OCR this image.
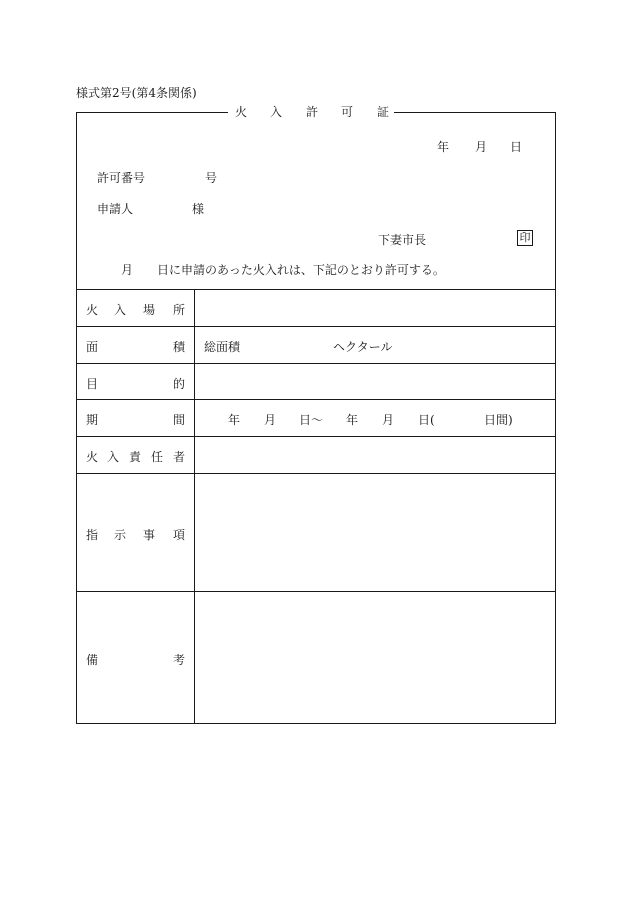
様式第2号(第4条関係)
火 入 許 可 証
年 月 日
許可番号	号
申請人	様
下妻市長	印
月 日に申請のあった火入れは、下記のとおり許可する。
火 入 場 所
面	積 総面積	ヘクタール
目	的
期	間	年 月 日〜 年 月 日(	日間)
火 入 責 任 者
指 示 事 項
備	考
